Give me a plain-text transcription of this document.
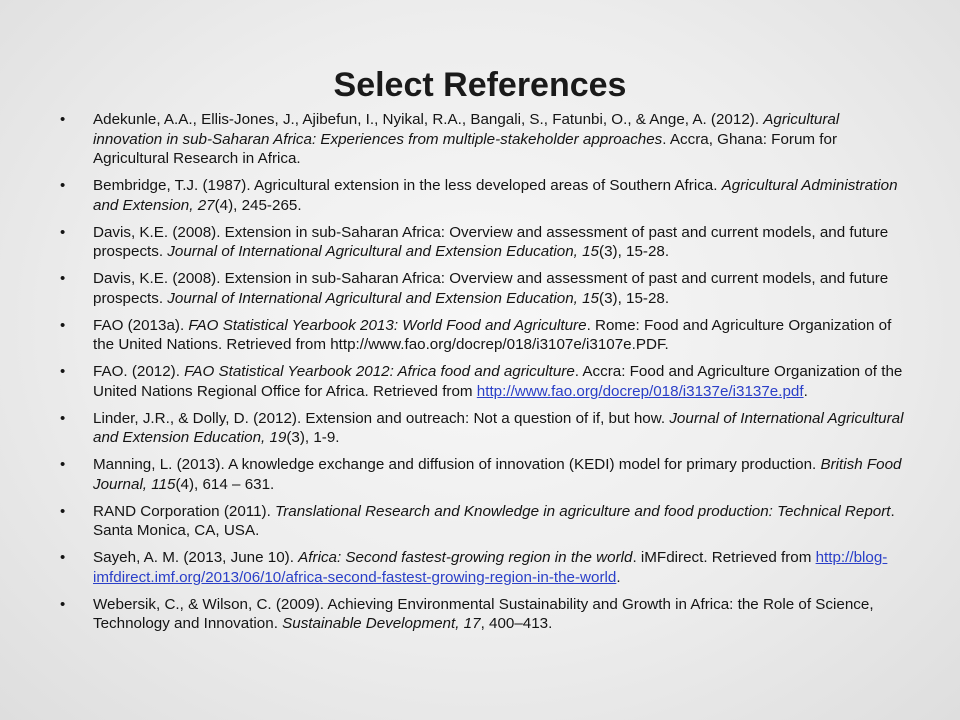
Select References
• Adekunle, A.A., Ellis-Jones, J., Ajibefun, I., Nyikal, R.A., Bangali, S., Fatunbi, O., & Ange, A. (2012). Agricultural innovation in sub-Saharan Africa: Experiences from multiple-stakeholder approaches. Accra, Ghana: Forum for Agricultural Research in Africa.
• Bembridge, T.J. (1987). Agricultural extension in the less developed areas of Southern Africa. Agricultural Administration and Extension, 27(4), 245-265.
• Davis, K.E. (2008). Extension in sub-Saharan Africa: Overview and assessment of past and current models, and future prospects. Journal of International Agricultural and Extension Education, 15(3), 15-28.
• Davis, K.E. (2008). Extension in sub-Saharan Africa: Overview and assessment of past and current models, and future prospects. Journal of International Agricultural and Extension Education, 15(3), 15-28.
• FAO (2013a). FAO Statistical Yearbook 2013: World Food and Agriculture. Rome: Food and Agriculture Organization of the United Nations. Retrieved from http://www.fao.org/docrep/018/i3107e/i3107e.PDF.
• FAO. (2012). FAO Statistical Yearbook 2012: Africa food and agriculture. Accra: Food and Agriculture Organization of the United Nations Regional Office for Africa. Retrieved from http://www.fao.org/docrep/018/i3137e/i3137e.pdf.
• Linder, J.R., & Dolly, D. (2012). Extension and outreach: Not a question of if, but how. Journal of International Agricultural and Extension Education, 19(3), 1-9.
• Manning, L. (2013). A knowledge exchange and diffusion of innovation (KEDI) model for primary production. British Food Journal, 115(4), 614 – 631.
• RAND Corporation (2011). Translational Research and Knowledge in agriculture and food production: Technical Report. Santa Monica, CA, USA.
• Sayeh, A. M. (2013, June 10). Africa: Second fastest-growing region in the world. iMFdirect. Retrieved from http://blog-imfdirect.imf.org/2013/06/10/africa-second-fastest-growing-region-in-the-world.
• Webersik, C., & Wilson, C. (2009). Achieving Environmental Sustainability and Growth in Africa: the Role of Science, Technology and Innovation. Sustainable Development, 17, 400–413.
